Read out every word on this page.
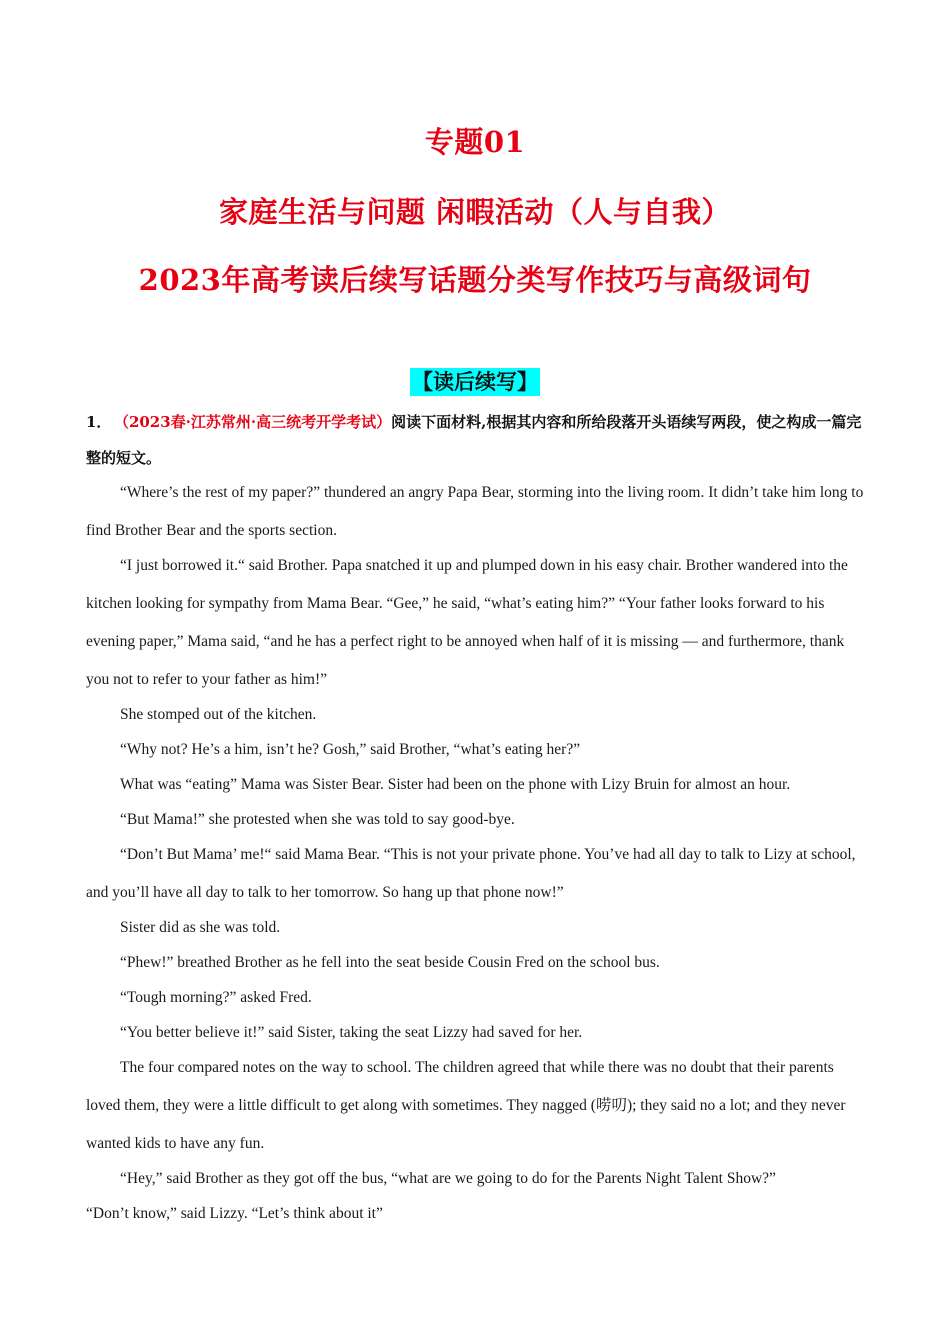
专题01
家庭生活与问题 闲暇活动（人与自我）
2023年高考读后续写话题分类写作技巧与高级词句
【读后续写】
1． （2023春·江苏常州·高三统考开学考试）阅读下面材料,根据其内容和所给段落开头语续写两段，使之构成一篇完整的短文。

“Where’s the rest of my paper?” thundered an angry Papa Bear, storming into the living room. It didn’t take him long to find Brother Bear and the sports section.

“I just borrowed it.“ said Brother. Papa snatched it up and plumped down in his easy chair. Brother wandered into the kitchen looking for sympathy from Mama Bear. “Gee,” he said, “what’s eating him?” “Your father looks forward to his evening paper,” Mama said, “and he has a perfect right to be annoyed when half of it is missing — and furthermore, thank you not to refer to your father as him!”

She stomped out of the kitchen.

“Why not? He’s a him, isn’t he? Gosh,” said Brother, “what’s eating her?”

What was “eating” Mama was Sister Bear. Sister had been on the phone with Lizy Bruin for almost an hour.

“But Mama!” she protested when she was told to say good-bye.

“Don’t But Mama’ me!“ said Mama Bear. “This is not your private phone. You’ve had all day to talk to Lizy at school, and you’ll have all day to talk to her tomorrow. So hang up that phone now!”

Sister did as she was told.

“Phew!” breathed Brother as he fell into the seat beside Cousin Fred on the school bus.

“Tough morning?” asked Fred.

“You better believe it!” said Sister, taking the seat Lizzy had saved for her.

The four compared notes on the way to school. The children agreed that while there was no doubt that their parents loved them, they were a little difficult to get along with sometimes. They nagged (唠叨); they said no a lot; and they never wanted kids to have any fun.

“Hey,” said Brother as they got off the bus, “what are we going to do for the Parents Night Talent Show?”

“Don’t know,” said Lizzy. “Let’s think about it”
